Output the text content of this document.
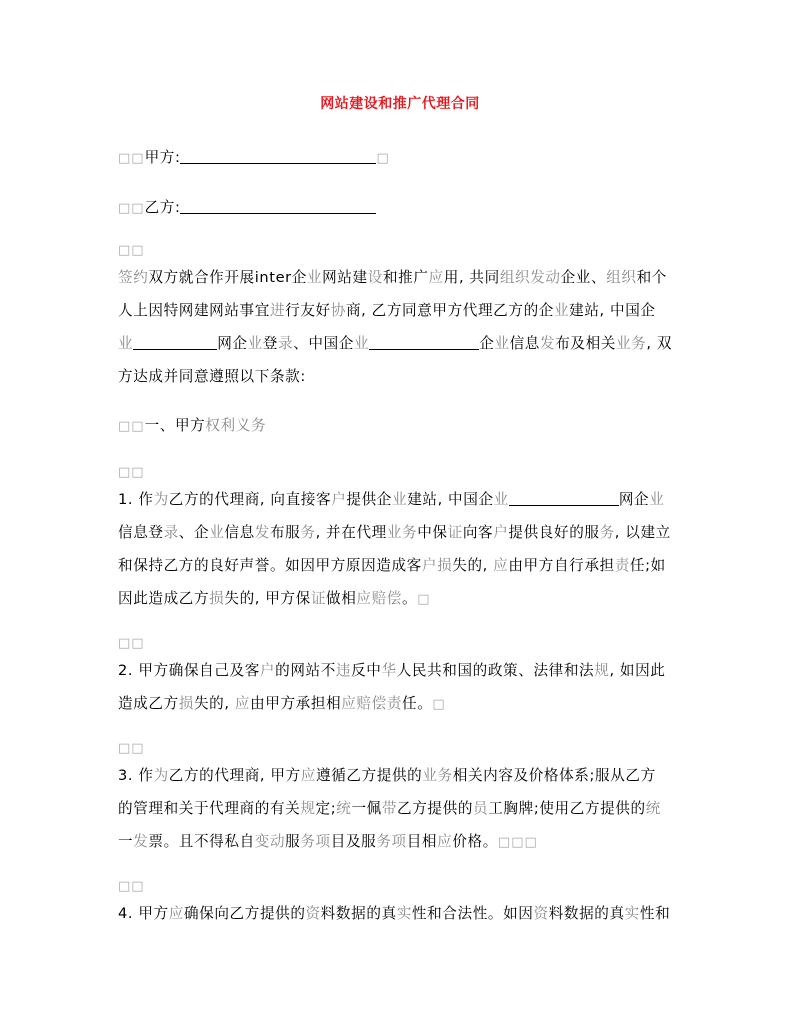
网站建设和推广代理合同
□□甲方:	□
□□乙方:
□□
签约双方就合作开展inter企业网站建设和推广应用, 共同组织发动企业、组织和个
人上因特网建网站事宜进行友好协商, 乙方同意甲方代理乙方的企业建站, 中国企
业	网企业登录、中国企业	企业信息发布及相关业务, 双
方达成并同意遵照以下条款:
□□一、甲方权利义务
□□
1. 作为乙方的代理商, 向直接客户提供企业建站, 中国企业	网企业
信息登录、企业信息发布服务, 并在代理业务中保证向客户提供良好的服务, 以建立
和保持乙方的良好声誉。如因甲方原因造成客户损失的, 应由甲方自行承担责任;如
因此造成乙方损失的, 甲方保证做相应赔偿。□
□□
2. 甲方确保自己及客户的网站不违反中华人民共和国的政策、法律和法规, 如因此
造成乙方损失的, 应由甲方承担相应赔偿责任。□
□□
3. 作为乙方的代理商, 甲方应遵循乙方提供的业务相关内容及价格体系;服从乙方
的管理和关于代理商的有关规定;统一佩带乙方提供的员工胸牌;使用乙方提供的统
一发票。且不得私自变动服务项目及服务项目相应价格。□□□
□□
4. 甲方应确保向乙方提供的资料数据的真实性和合法性。如因资料数据的真实性和
